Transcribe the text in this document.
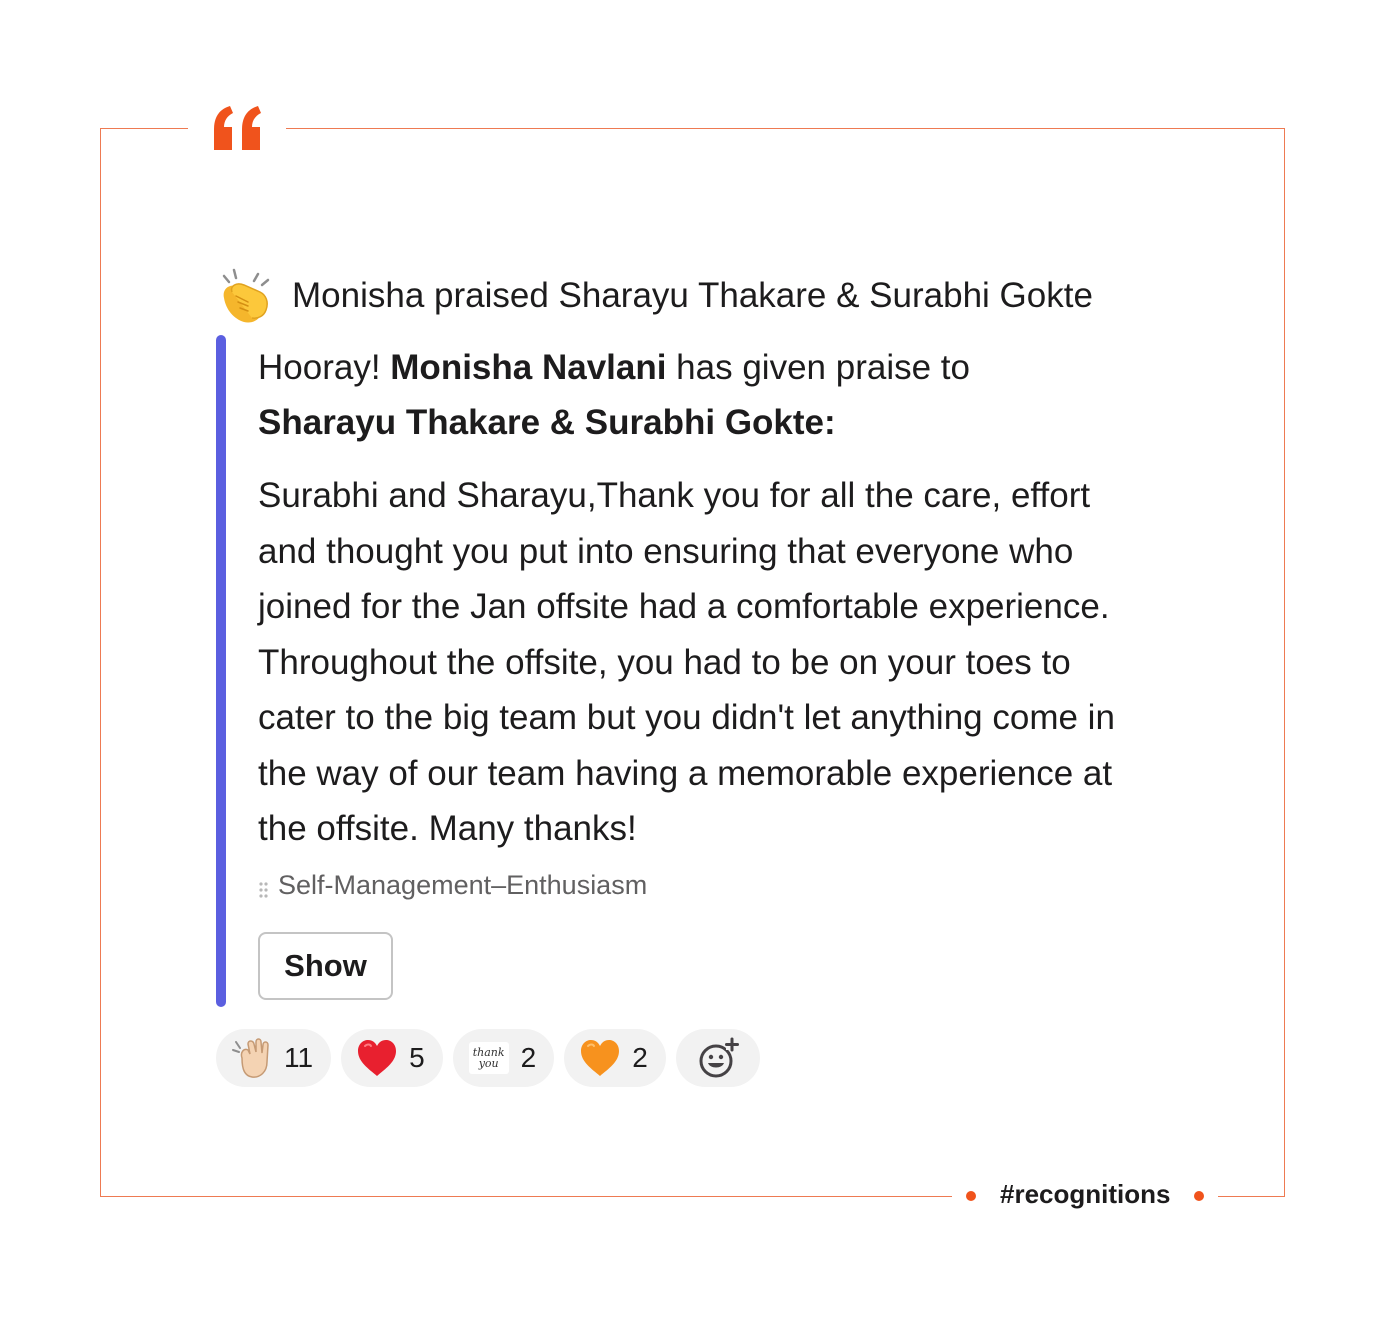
Monisha praised Sharayu Thakare & Surabhi Gokte

Hooray! Monisha Navlani has given praise to
Sharayu Thakare & Surabhi Gokte:

Surabhi and Sharayu,Thank you for all the care, effort and thought you put into ensuring that everyone who joined for the Jan offsite had a comfortable experience. Throughout the offsite, you had to be on your toes to cater to the big team but you didn't let anything come in the way of our team having a memorable experience at the offsite. Many thanks!

Self-Management–Enthusiasm
Show
11	5	thank
you 2	2
#recognitions
